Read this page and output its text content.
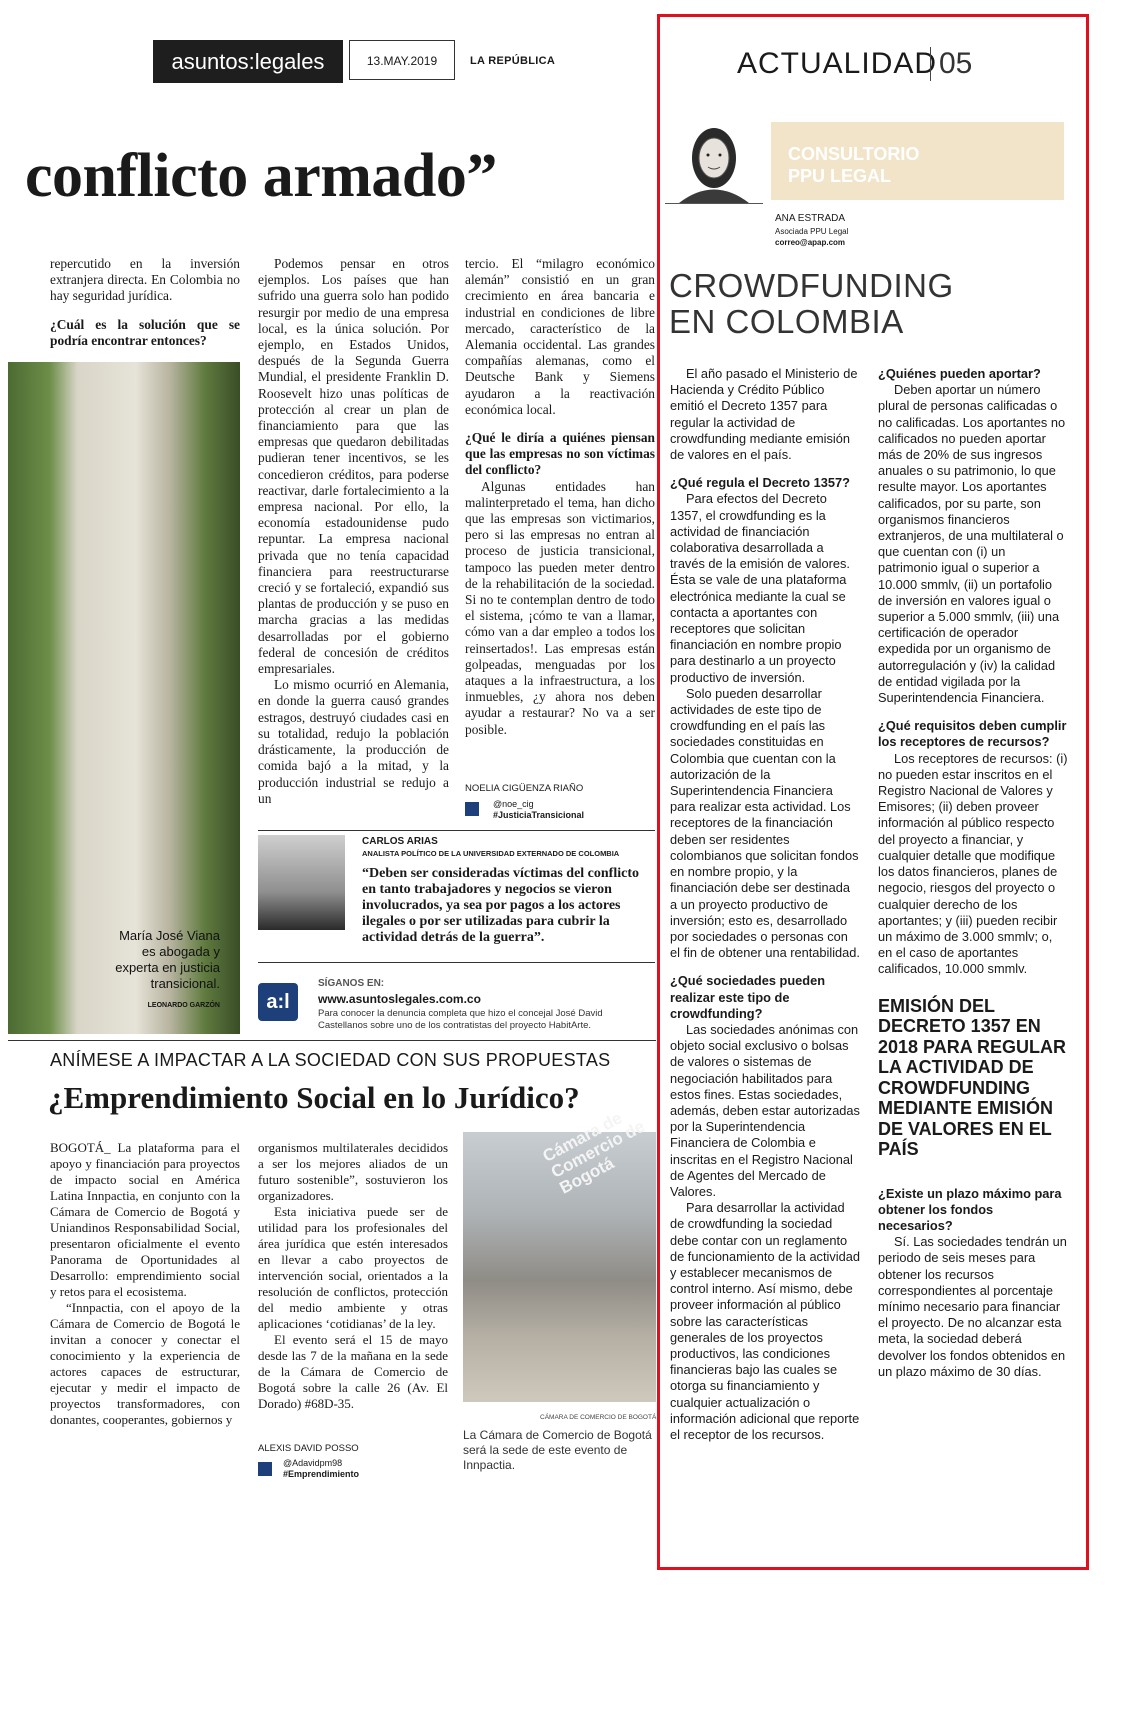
asuntos:legales	13.MAY.2019	LA REPÚBLICA
conflicto armado”
María José Viana es abogada y experta en justicia transicional.
LEONARDO GARZÓN

repercutido en la inversión extranjera directa. En Colombia no hay seguridad jurídica.

¿Cuál es la solución que se podría encontrar entonces?

Podemos pensar en otros ejemplos. Los países que han sufrido una guerra solo han podido resurgir por medio de una empresa local, es la única solución. Por ejemplo, en Estados Unidos, después de la Segunda Guerra Mundial, el presidente Franklin D. Roosevelt hizo unas políticas de protección al crear un plan de financiamiento para que las empresas que quedaron debilitadas pudieran tener incentivos, se les concedieron créditos, para poderse reactivar, darle fortalecimiento a la empresa nacional. Por ello, la economía estadounidense pudo repuntar. La empresa nacional privada que no tenía capacidad financiera para reestructurarse creció y se fortaleció, expandió sus plantas de producción y se puso en marcha gracias a las medidas desarrolladas por el gobierno federal de concesión de créditos empresariales.

Lo mismo ocurrió en Alemania, en donde la guerra causó grandes estragos, destruyó ciudades casi en su totalidad, redujo la población drásticamente, la producción de comida bajó a la mitad, y la producción industrial se redujo a un

tercio. El “milagro económico alemán” consistió en un gran crecimiento en área bancaria e industrial en condiciones de libre mercado, característico de la Alemania occidental. Las grandes compañías alemanas, como el Deutsche Bank y Siemens ayudaron a la reactivación económica local.

¿Qué le diría a quiénes piensan que las empresas no son víctimas del conflicto?

Algunas entidades han malinterpretado el tema, han dicho que las empresas son victimarios, pero si las empresas no entran al proceso de justicia transicional, tampoco las pueden meter dentro de la rehabilitación de la sociedad. Si no te contemplan dentro de todo el sistema, ¡cómo te van a llamar, cómo van a dar empleo a todos los reinsertados!. Las empresas están golpeadas, menguadas por los ataques a la infraestructura, a los inmuebles, ¿y ahora nos deben ayudar a restaurar? No va a ser posible.

NOELIA CIGÜENZA RIAÑO
@noe_cig
#JusticiaTransicional
CARLOS ARIAS
ANALISTA POLÍTICO DE LA UNIVERSIDAD EXTERNADO DE COLOMBIA
“Deben ser consideradas víctimas del conflicto en tanto trabajadores y negocios se vieron involucrados, ya sea por pagos a los actores ilegales o por ser utilizadas para cubrir la actividad detrás de la guerra”.
a:l
SÍGANOS EN:
www.asuntoslegales.com.co
Para conocer la denuncia completa que hizo el concejal José David Castellanos sobre uno de los contratistas del proyecto HabitArte.
ANÍMESE A IMPACTAR A LA SOCIEDAD CON SUS PROPUESTAS
¿Emprendimiento Social en lo Jurídico?

BOGOTÁ_ La plataforma para el apoyo y financiación para proyectos de impacto social en América Latina Innpactia, en conjunto con la Cámara de Comercio de Bogotá y Uniandinos Responsabilidad Social, presentaron oficialmente el evento Panorama de Oportunidades al Desarrollo: emprendimiento social y retos para el ecosistema.

“Innpactia, con el apoyo de la Cámara de Comercio de Bogotá le invitan a conocer y conectar el conocimiento y la experiencia de actores capaces de estructurar, ejecutar y medir el impacto de proyectos transformadores, con donantes, cooperantes, gobiernos y

organismos multilaterales decididos a ser los mejores aliados de un futuro sostenible”, sostuvieron los organizadores.

Esta iniciativa puede ser de utilidad para los profesionales del área jurídica que estén interesados en llevar a cabo proyectos de intervención social, orientados a la resolución de conflictos, protección del medio ambiente y otras aplicaciones ‘cotidianas’ de la ley.

El evento será el 15 de mayo desde las 7 de la mañana en la sede de la Cámara de Comercio de Bogotá sobre la calle 26 (Av. El Dorado) #68D-35.

ALEXIS DAVID POSSO
@Adavidpm98
#Emprendimiento
Cámara de Comercio de Bogotá
CÁMARA DE COMERCIO DE BOGOTÁ
La Cámara de Comercio de Bogotá será la sede de este evento de Innpactia.
ACTUALIDAD 05
CONSULTORIO PPU LEGAL
ANA ESTRADA
Asociada PPU Legal
correo@apap.com
CROWDFUNDING
EN COLOMBIA

El año pasado el Ministerio de Hacienda y Crédito Público emitió el Decreto 1357 para regular la actividad de crowdfunding mediante emisión de valores en el país.

¿Qué regula el Decreto 1357?

Para efectos del Decreto 1357, el crowdfunding es la actividad de financiación colaborativa desarrollada a través de la emisión de valores. Ésta se vale de una plataforma electrónica mediante la cual se contacta a aportantes con receptores que solicitan financiación en nombre propio para destinarlo a un proyecto productivo de inversión.

Solo pueden desarrollar actividades de este tipo de crowdfunding en el país las sociedades constituidas en Colombia que cuentan con la autorización de la Superintendencia Financiera para realizar esta actividad. Los receptores de la financiación deben ser residentes colombianos que solicitan fondos en nombre propio, y la financiación debe ser destinada a un proyecto productivo de inversión; esto es, desarrollado por sociedades o personas con el fin de obtener una rentabilidad.

¿Qué sociedades pueden realizar este tipo de crowdfunding?

Las sociedades anónimas con objeto social exclusivo o bolsas de valores o sistemas de negociación habilitados para estos fines. Estas sociedades, además, deben estar autorizadas por la Superintendencia Financiera de Colombia e inscritas en el Registro Nacional de Agentes del Mercado de Valores.

Para desarrollar la actividad de crowdfunding la sociedad debe contar con un reglamento de funcionamiento de la actividad y establecer mecanismos de control interno. Así mismo, debe proveer información al público sobre las características generales de los proyectos productivos, las condiciones financieras bajo las cuales se otorga su financiamiento y cualquier actualización o información adicional que reporte el receptor de los recursos.

¿Quiénes pueden aportar?

Deben aportar un número plural de personas calificadas o no calificadas. Los aportantes no calificados no pueden aportar más de 20% de sus ingresos anuales o su patrimonio, lo que resulte mayor. Los aportantes calificados, por su parte, son organismos financieros extranjeros, de una multilateral o que cuentan con (i) un patrimonio igual o superior a 10.000 smmlv, (ii) un portafolio de inversión en valores igual o superior a 5.000 smmlv, (iii) una certificación de operador expedida por un organismo de autorregulación y (iv) la calidad de entidad vigilada por la Superintendencia Financiera.

¿Qué requisitos deben cumplir los receptores de recursos?

Los receptores de recursos: (i) no pueden estar inscritos en el Registro Nacional de Valores y Emisores; (ii) deben proveer información al público respecto del proyecto a financiar, y cualquier detalle que modifique los datos financieros, planes de negocio, riesgos del proyecto o cualquier derecho de los aportantes; y (iii) pueden recibir un máximo de 3.000 smmlv; o, en el caso de aportantes calificados, 10.000 smmlv.

EMISIÓN DEL DECRETO 1357 EN 2018 PARA REGULAR LA ACTIVIDAD DE CROWDFUNDING MEDIANTE EMISIÓN DE VALORES EN EL PAÍS

¿Existe un plazo máximo para obtener los fondos necesarios?

Sí. Las sociedades tendrán un periodo de seis meses para obtener los recursos correspondientes al porcentaje mínimo necesario para financiar el proyecto. De no alcanzar esta meta, la sociedad deberá devolver los fondos obtenidos en un plazo máximo de 30 días.
